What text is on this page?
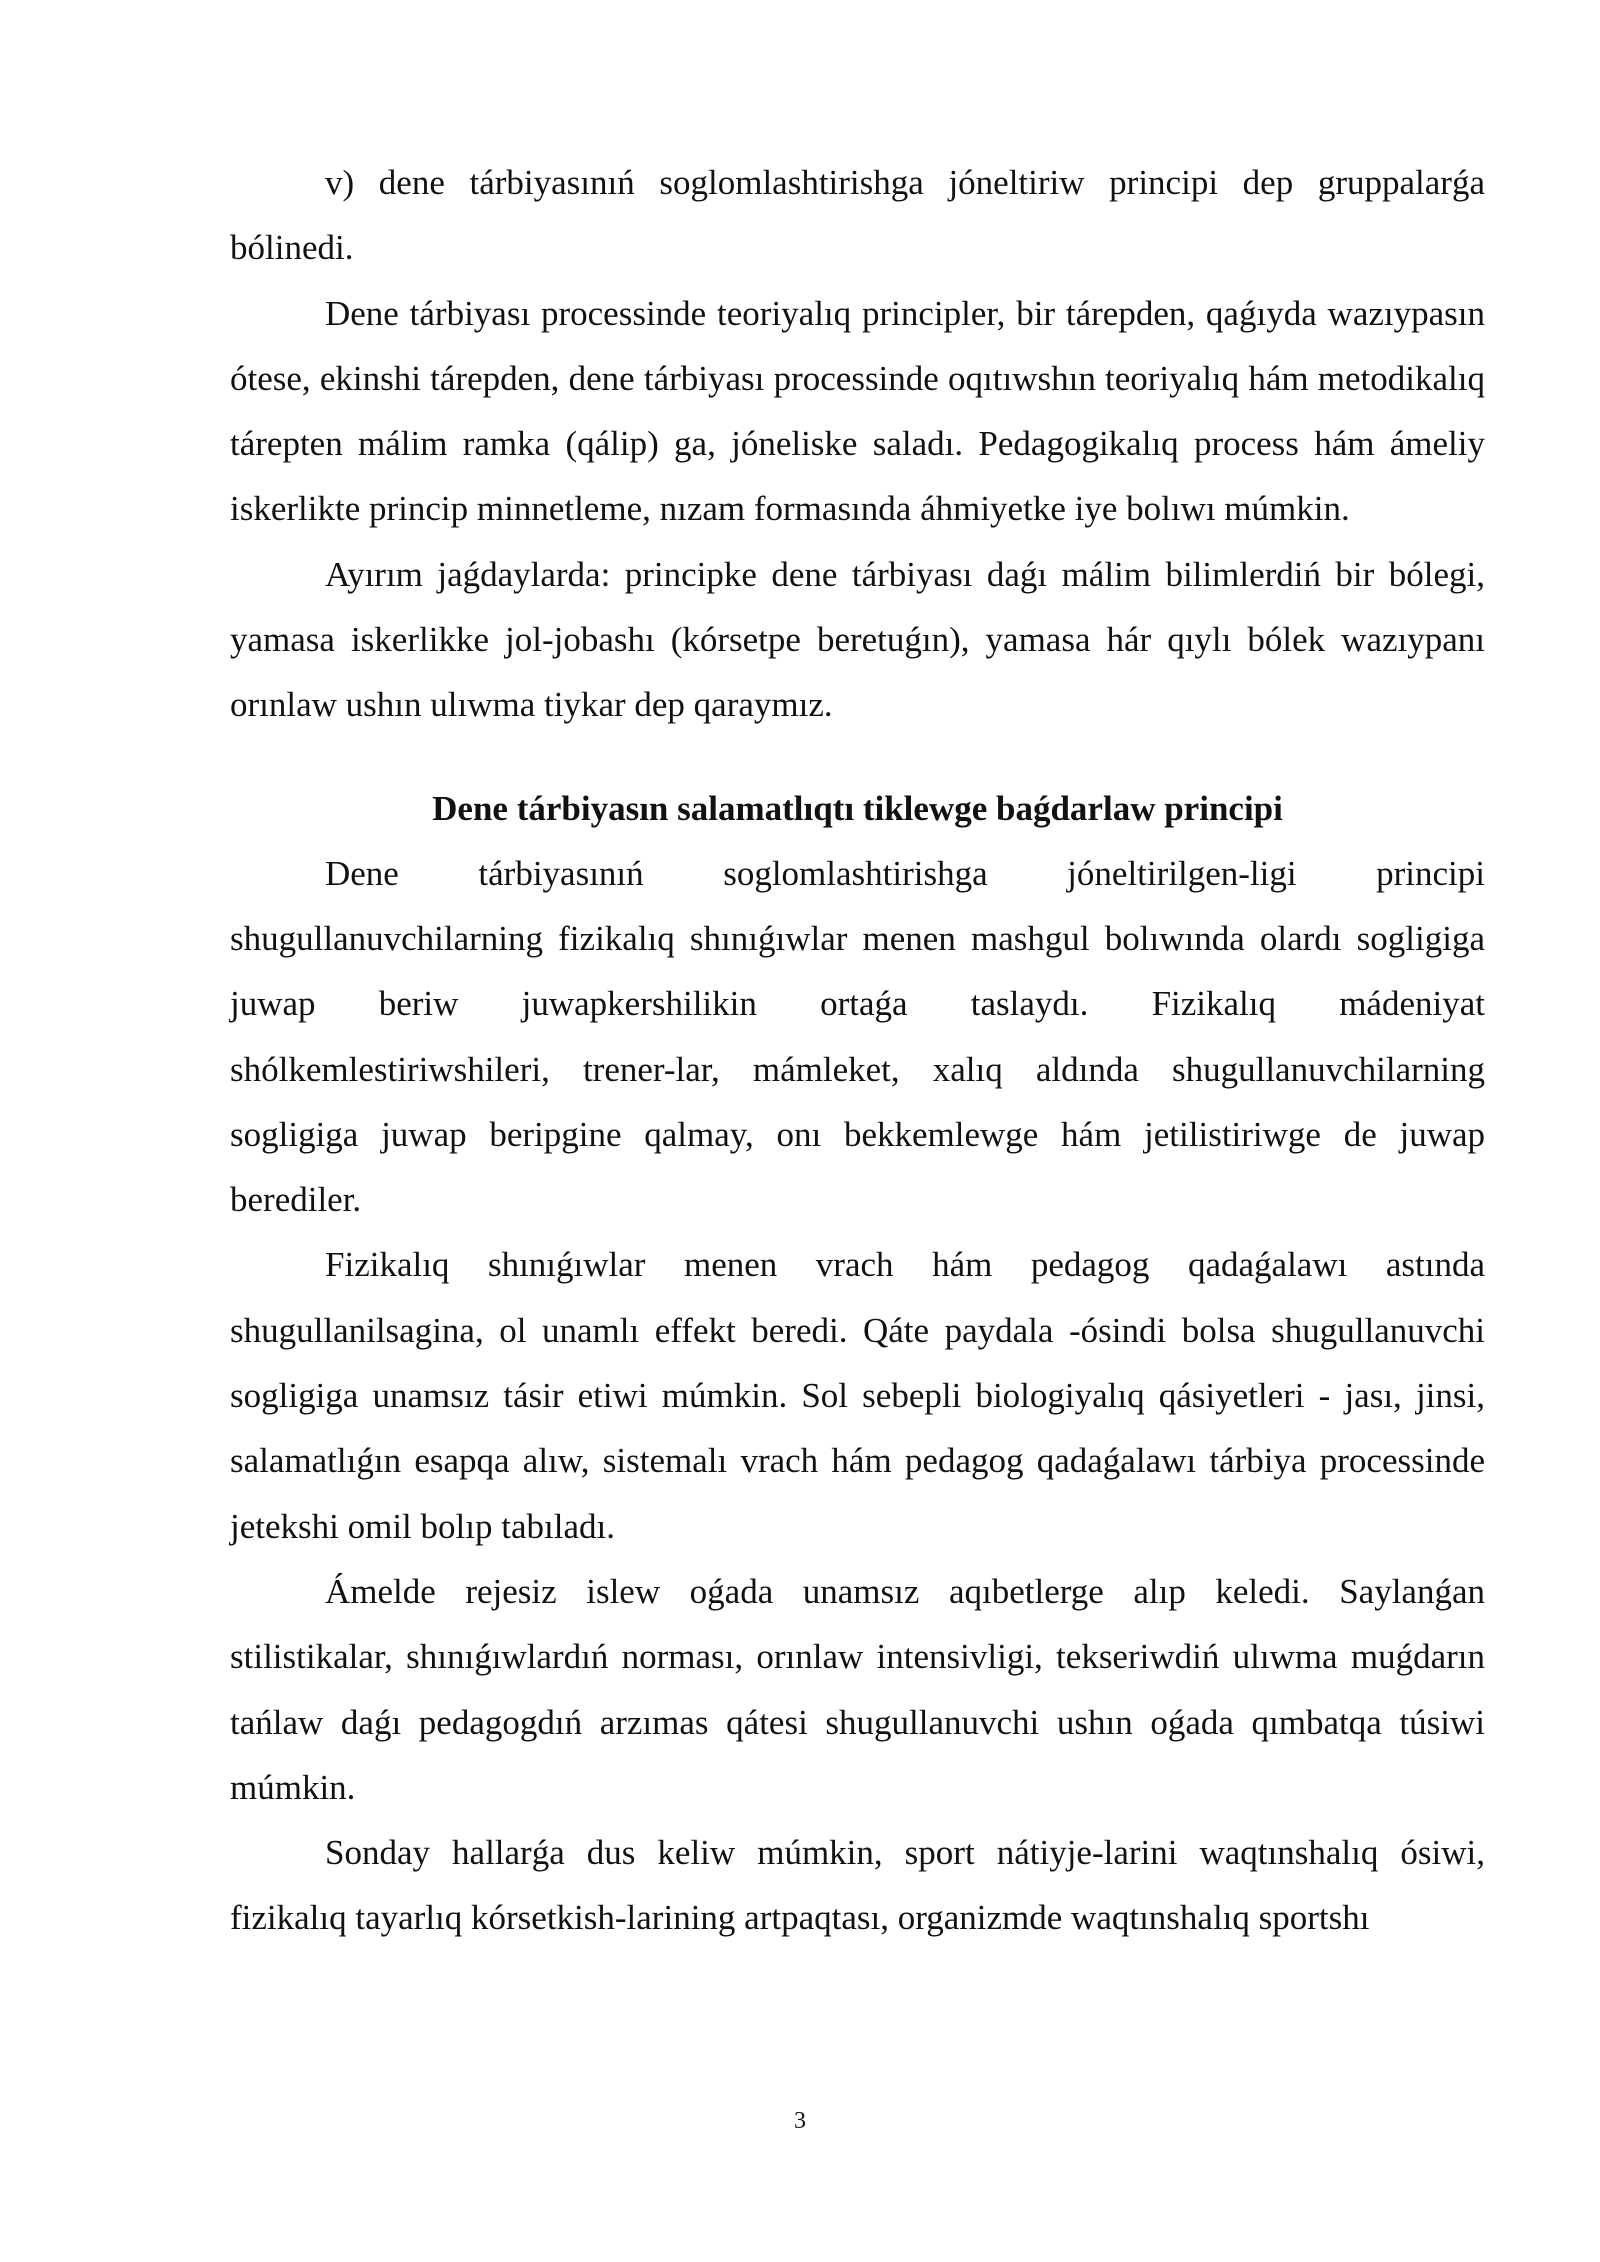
v) dene tárbiyasınıń soglomlashtirishga jóneltiriw principi dep gruppalarǵa bólinedi.

Dene tárbiyası processinde teoriyalıq principler, bir tárepden, qaǵıyda wazıypasın ótese, ekinshi tárepden, dene tárbiyası processinde oqıtıwshın teoriyalıq hám metodikalıq tárepten málim ramka (qálip) ga, jóneliske saladı. Pedagogikalıq process hám ámeliy iskerlikte princip minnetleme, nızam formasında áhmiyetke iye bolıwı múmkin.

Ayırım jaǵdaylarda: principke dene tárbiyası daǵı málim bilimlerdiń bir bólegi, yamasa iskerlikke jol-jobashı (kórsetpe beretuǵın), yamasa hár qıylı bólek wazıypanı orınlaw ushın ulıwma tiykar dep qaraymız.

Dene tárbiyasın salamatlıqtı tiklewge baǵdarlaw principi

Dene tárbiyasınıń soglomlashtirishga jóneltirilgen-ligi principi shugullanuvchilarning fizikalıq shınıǵıwlar menen mashgul bolıwında olardı sogligiga juwap beriw juwapkershilikin ortaǵa taslaydı. Fizikalıq mádeniyat shólkemlestiriwshileri, trener-lar, mámleket, xalıq aldında shugullanuvchilarning sogligiga juwap beripgine qalmay, onı bekkemlewge hám jetilistiriwge de juwap berediler.

Fizikalıq shınıǵıwlar menen vrach hám pedagog qadaǵalawı astında shugullanilsagina, ol unamlı effekt beredi. Qáte paydala -ósindi bolsa shugullanuvchi sogligiga unamsız tásir etiwi múmkin. Sol sebepli biologiyalıq qásiyetleri - jası, jinsi, salamatlıǵın esapqa alıw, sistemalı vrach hám pedagog qadaǵalawı tárbiya processinde jetekshi omil bolıp tabıladı.

Ámelde rejesiz islew oǵada unamsız aqıbetlerge alıp keledi. Saylanǵan stilistikalar, shınıǵıwlardıń norması, orınlaw intensivligi, tekseriwdiń ulıwma muǵdarın tańlaw daǵı pedagogdıń arzımas qátesi shugullanuvchi ushın oǵada qımbatqa túsiwi múmkin.

Sonday hallarǵa dus keliw múmkin, sport nátiyje-larini waqtınshalıq ósiwi, fizikalıq tayarlıq kórsetkish-larining artpaqtası, organizmde waqtınshalıq sportshı

3
